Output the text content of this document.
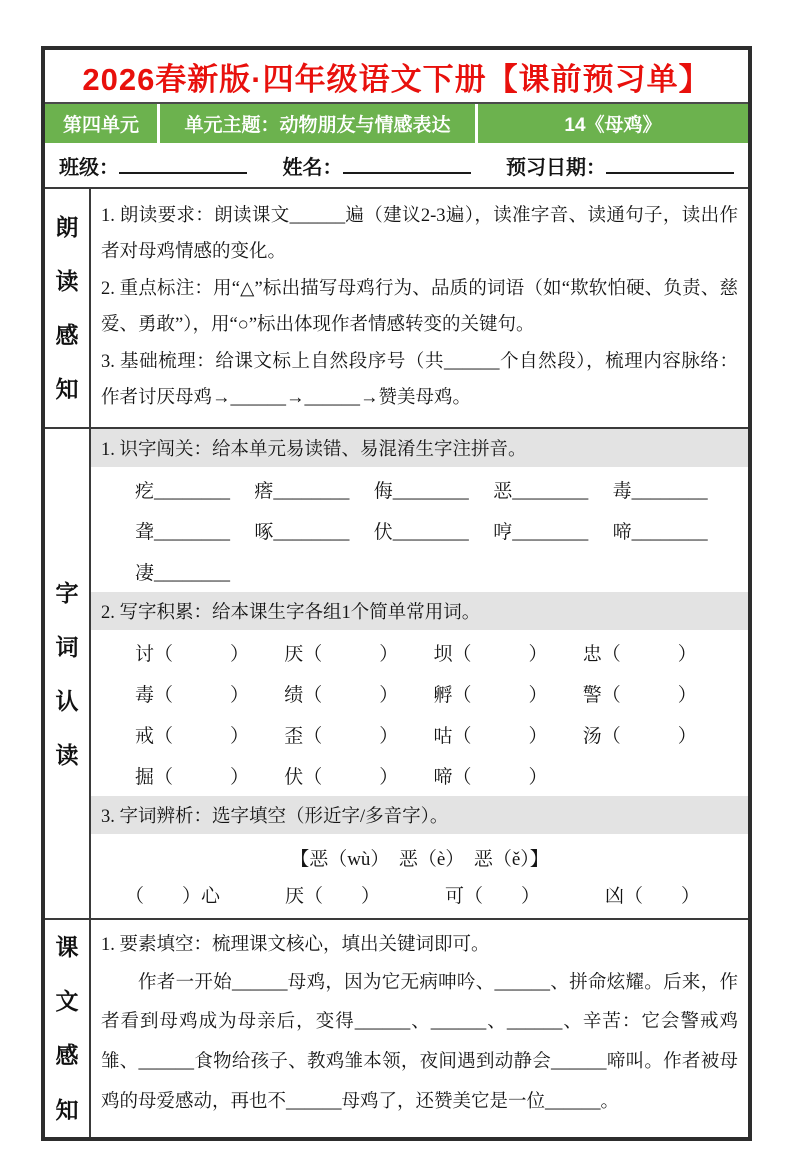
2026春新版·四年级语文下册【课前预习单】
第四单元	单元主题：动物朋友与情感表达	14《母鸡》
班级：	姓名：	预习日期：
朗读感知

1. 朗读要求：朗读课文______遍（建议2-3遍），读准字音、读通句子，读出作者对母鸡情感的变化。

2. 重点标注：用“△”标出描写母鸡行为、品质的词语（如“欺软怕硬、负责、慈爱、勇敢”），用“○”标出体现作者情感转变的关键句。

3. 基础梳理：给课文标上自然段序号（共______个自然段），梳理内容脉络：作者讨厌母鸡→______→______→赞美母鸡。

字词认读
1. 识字闯关：给本单元易读错、易混淆生字注拼音。
疙________	瘩________	侮________	恶________	毒________
聋________	啄________	伏________	哼________	啼________
凄________
2. 写字积累：给本课生字各组1个简单常用词。
讨（　　　）	厌（　　　）	坝（　　　）	忠（　　　）
毒（　　　）	绩（　　　）	孵（　　　）	警（　　　）
戒（　　　）	歪（　　　）	咕（　　　）	汤（　　　）
掘（　　　）	伏（　　　）	啼（　　　）
3. 字词辨析：选字填空（形近字/多音字）。
【恶（wù）　恶（è）　恶（ě）】
（　　）心	厌（　　）	可（　　）	凶（　　）
课文感知
1. 要素填空：梳理课文核心，填出关键词即可。
作者一开始______母鸡，因为它无病呻吟、______、拼命炫耀。后来，作者看到母鸡成为母亲后，变得______、______、______、辛苦：它会警戒鸡雏、______食物给孩子、教鸡雏本领，夜间遇到动静会______啼叫。作者被母鸡的母爱感动，再也不______母鸡了，还赞美它是一位______。
